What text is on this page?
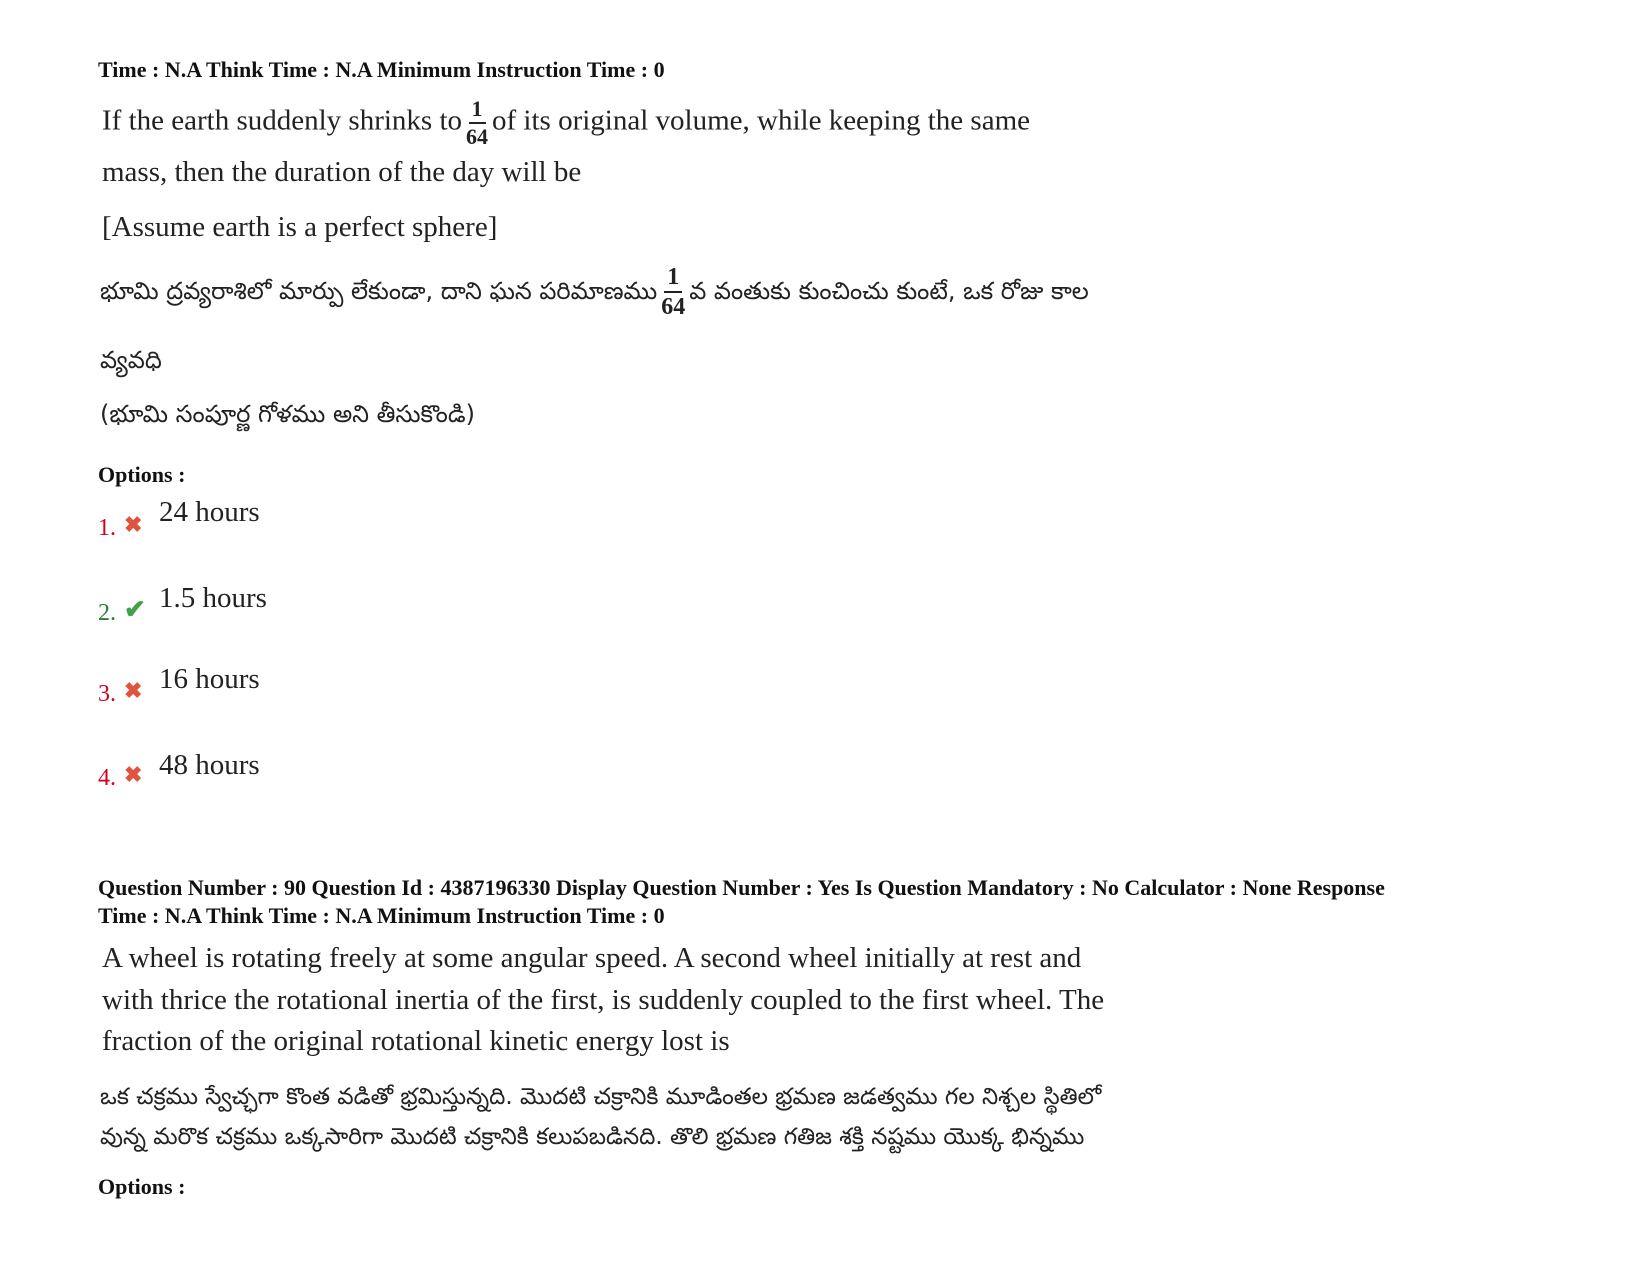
Time : N.A Think Time : N.A Minimum Instruction Time : 0
If the earth suddenly shrinks to $\frac{1}{64}$ of its original volume, while keeping the same
mass, then the duration of the day will be
[Assume earth is a perfect sphere]
భూమి ద్రవ్యరాశిలో మార్పు లేకుండా, దాని ఘన పరిమాణము $\frac{1}{64}$ వ వంతుకు కుంచించు కుంటే, ఒక రోజు కాల
వ్యవధి
(భూమి సంపూర్ణ గోళము అని తీసుకొండి)
Options :
1. ✖ 24 hours
2. ✔ 1.5 hours
3. ✖ 16 hours
4. ✖ 48 hours
Question Number : 90 Question Id : 4387196330 Display Question Number : Yes Is Question Mandatory : No Calculator : None Response
Time : N.A Think Time : N.A Minimum Instruction Time : 0
A wheel is rotating freely at some angular speed. A second wheel initially at rest and
with thrice the rotational inertia of the first, is suddenly coupled to the first wheel. The
fraction of the original rotational kinetic energy lost is
ఒక చక్రము స్వేచ్ఛగా కొంత వడితో భ్రమిస్తున్నది. మొదటి చక్రానికి మూడింతల భ్రమణ జడత్వము గల నిశ్చల స్థితిలో
వున్న మరొక చక్రము ఒక్కసారిగా మొదటి చక్రానికి కలుపబడినది. తొలి భ్రమణ గతిజ శక్తి నష్టము యొక్క భిన్నము
Options :
